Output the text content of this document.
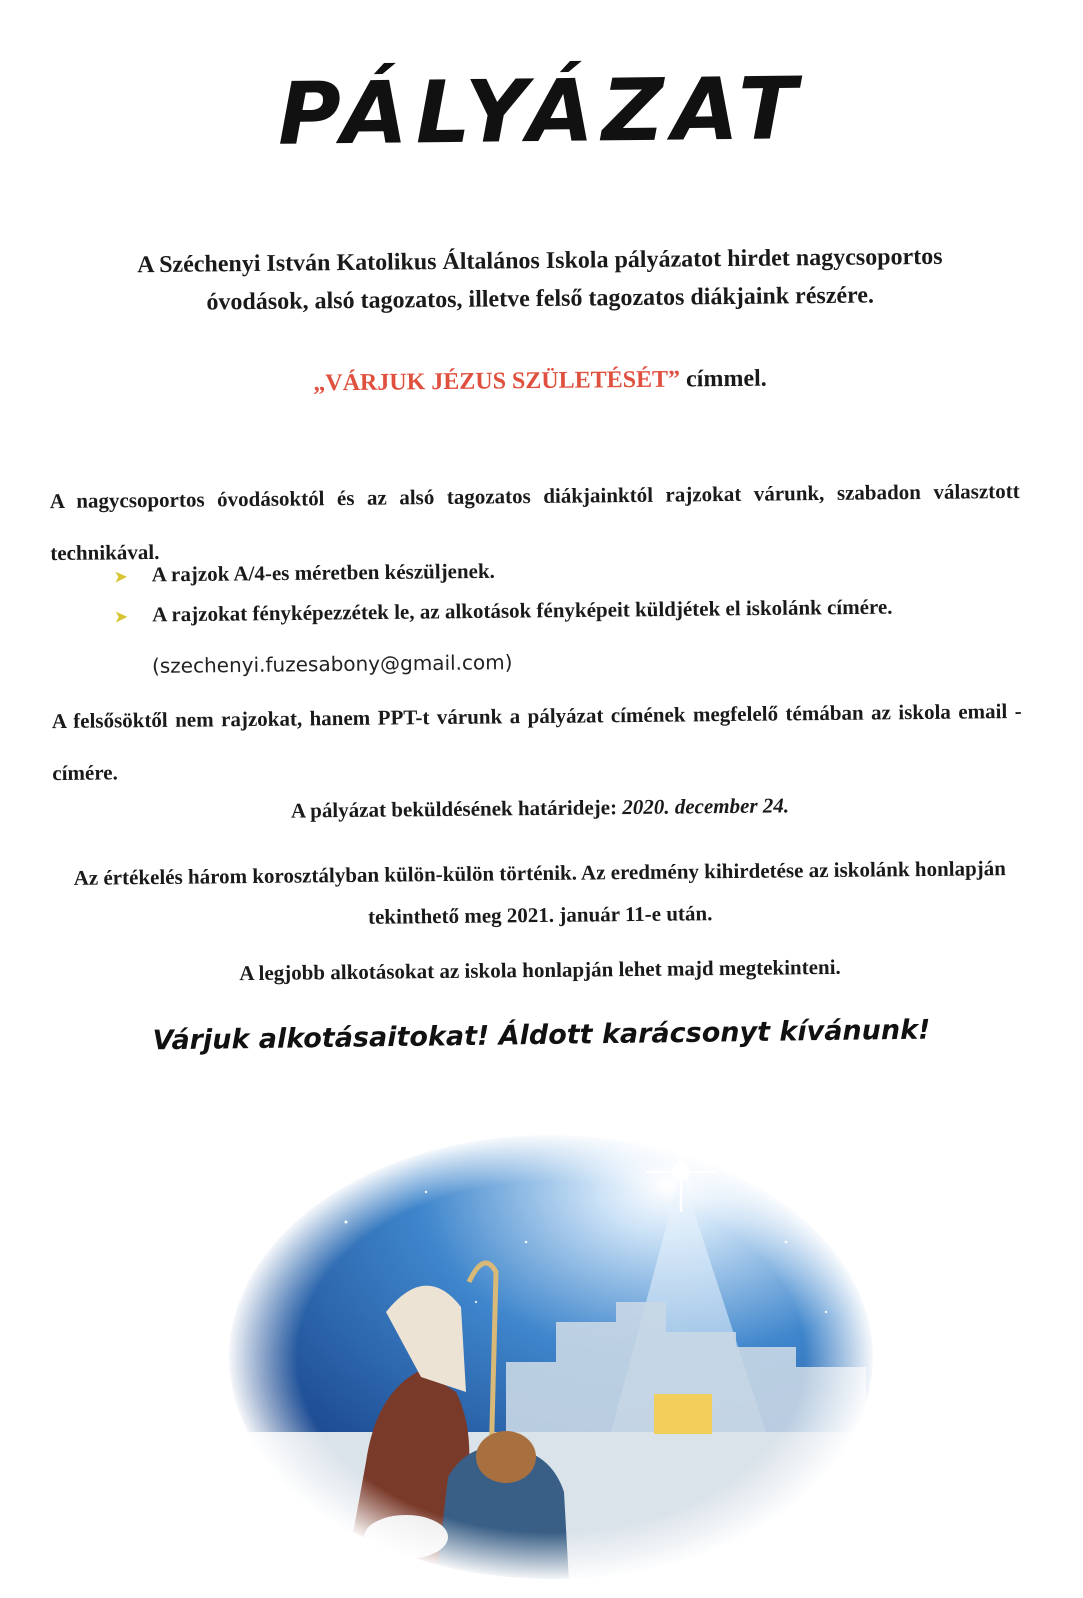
PÁLYÁZAT
A Széchenyi István Katolikus Általános Iskola pályázatot hirdet nagycsoportos óvodások, alsó tagozatos, illetve felső tagozatos diákjaink részére.
„VÁRJUK JÉZUS SZÜLETÉSÉT” címmel.
A nagycsoportos óvodásoktól és az alsó tagozatos diákjainktól rajzokat várunk, szabadon választott technikával.
➤ A rajzok A/4-es méretben készüljenek.
➤ A rajzokat fényképezzétek le, az alkotások fényképeit küldjétek el iskolánk címére.
(szechenyi.fuzesabony@gmail.com)
A felsősöktől nem rajzokat, hanem PPT-t várunk a pályázat címének megfelelő témában az iskola email - címére.
A pályázat beküldésének határideje: 2020. december 24.
Az értékelés három korosztályban külön-külön történik. Az eredmény kihirdetése az iskolánk honlapján tekinthető meg 2021. január 11-e után.
A legjobb alkotásokat az iskola honlapján lehet majd megtekinteni.
Várjuk alkotásaitokat! Áldott karácsonyt kívánunk!
